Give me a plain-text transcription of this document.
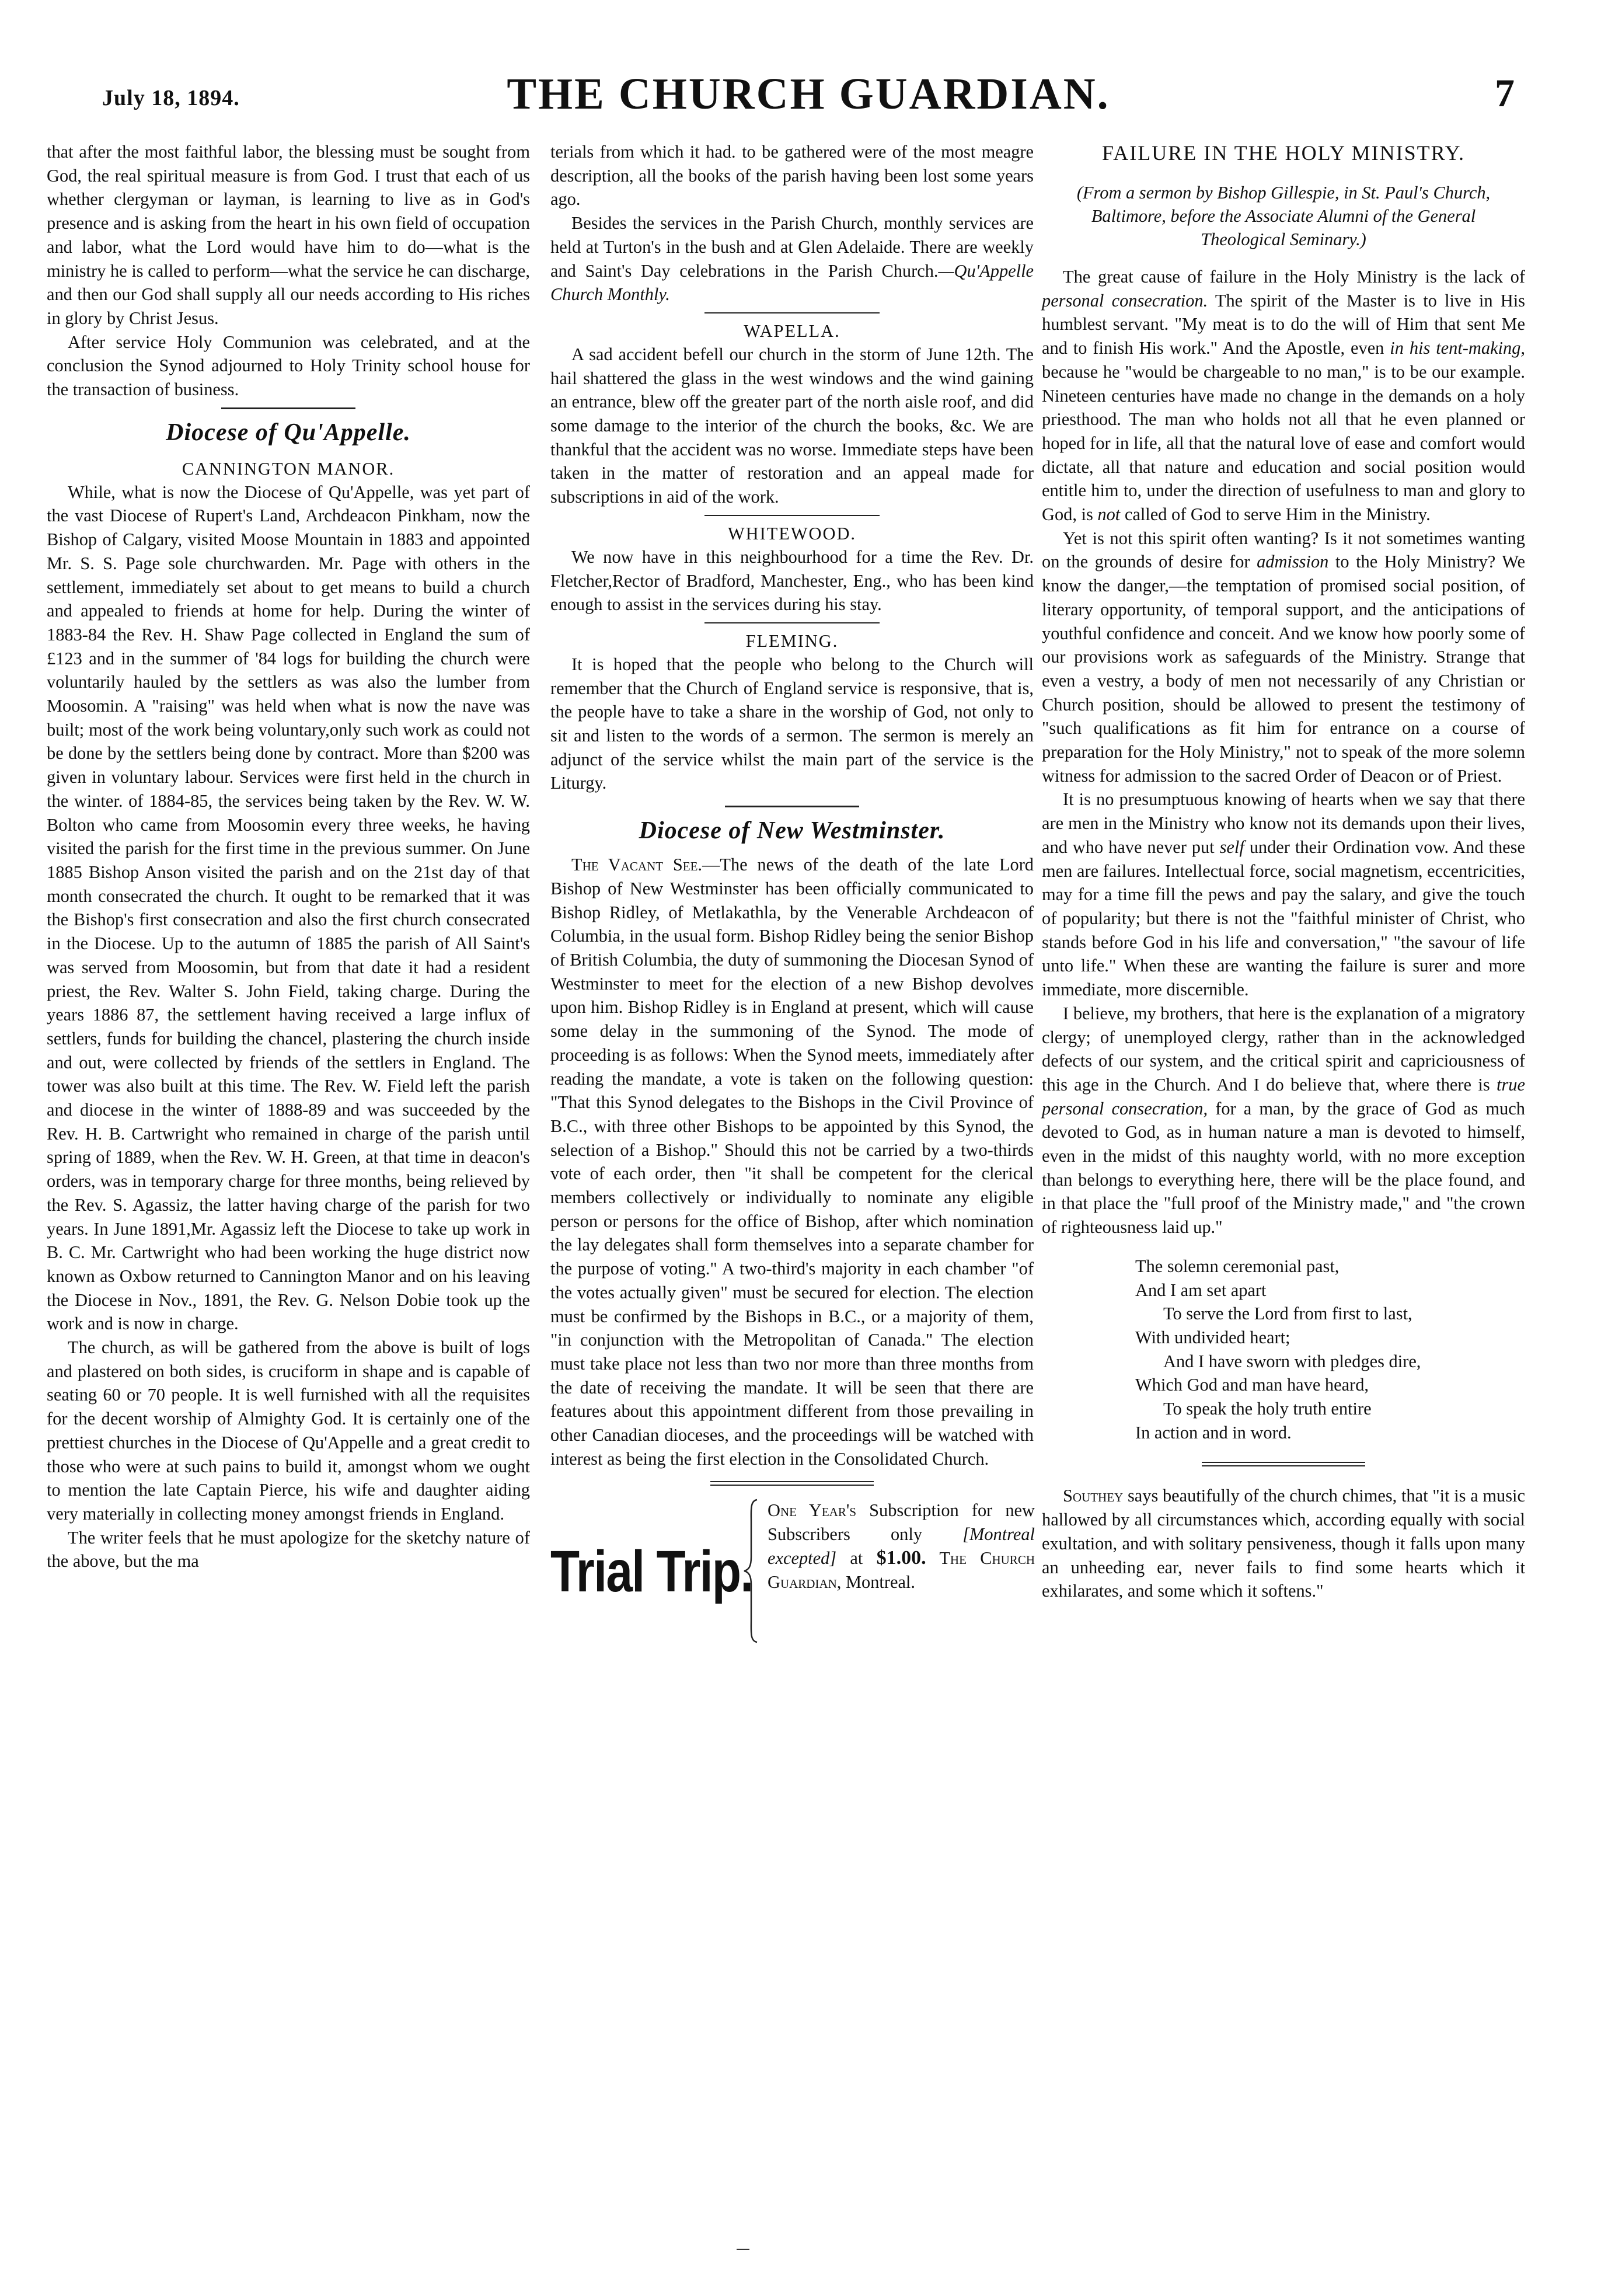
July 18, 1894.	THE CHURCH GUARDIAN.	7

that after the most faithful labor, the blessing must be sought from God, the real spiritual measure is from God. I trust that each of us whether clergyman or layman, is learning to live as in God's presence and is asking from the heart in his own field of occupation and labor, what the Lord would have him to do—what is the ministry he is called to perform—what the service he can discharge, and then our God shall supply all our needs according to His riches in glory by Christ Jesus.

After service Holy Communion was celebrated, and at the conclusion the Synod adjourned to Holy Trinity school house for the transaction of business.

Diocese of Qu'Appelle.
CANNINGTON MANOR.

While, what is now the Diocese of Qu'Appelle, was yet part of the vast Diocese of Rupert's Land, Archdeacon Pinkham, now the Bishop of Calgary, visited Moose Mountain in 1883 and appointed Mr. S. S. Page sole churchwarden. Mr. Page with others in the settlement, immediately set about to get means to build a church and appealed to friends at home for help. During the winter of 1883-84 the Rev. H. Shaw Page collected in England the sum of £123 and in the summer of '84 logs for building the church were voluntarily hauled by the settlers as was also the lumber from Moosomin. A "raising" was held when what is now the nave was built; most of the work being voluntary,only such work as could not be done by the settlers being done by contract. More than $200 was given in voluntary labour. Services were first held in the church in the winter. of 1884-85, the services being taken by the Rev. W. W. Bolton who came from Moosomin every three weeks, he having visited the parish for the first time in the previous summer. On June 1885 Bishop Anson visited the parish and on the 21st day of that month consecrated the church. It ought to be remarked that it was the Bishop's first consecration and also the first church consecrated in the Diocese. Up to the autumn of 1885 the parish of All Saint's was served from Moosomin, but from that date it had a resident priest, the Rev. Walter S. John Field, taking charge. During the years 1886 87, the settlement having received a large influx of settlers, funds for building the chancel, plastering the church inside and out, were collected by friends of the settlers in England. The tower was also built at this time. The Rev. W. Field left the parish and diocese in the winter of 1888-89 and was succeeded by the Rev. H. B. Cartwright who remained in charge of the parish until spring of 1889, when the Rev. W. H. Green, at that time in deacon's orders, was in temporary charge for three months, being relieved by the Rev. S. Agassiz, the latter having charge of the parish for two years. In June 1891,Mr. Agassiz left the Diocese to take up work in B. C. Mr. Cartwright who had been working the huge district now known as Oxbow returned to Cannington Manor and on his leaving the Diocese in Nov., 1891, the Rev. G. Nelson Dobie took up the work and is now in charge.

The church, as will be gathered from the above is built of logs and plastered on both sides, is cruciform in shape and is capable of seating 60 or 70 people. It is well furnished with all the requisites for the decent worship of Almighty God. It is certainly one of the prettiest churches in the Diocese of Qu'Appelle and a great credit to those who were at such pains to build it, amongst whom we ought to mention the late Captain Pierce, his wife and daughter aiding very materially in collecting money amongst friends in England.

The writer feels that he must apologize for the sketchy nature of the above, but the ma

terials from which it had. to be gathered were of the most meagre description, all the books of the parish having been lost some years ago.

Besides the services in the Parish Church, monthly services are held at Turton's in the bush and at Glen Adelaide. There are weekly and Saint's Day celebrations in the Parish Church.—Qu'Appelle Church Monthly.

WAPELLA.

A sad accident befell our church in the storm of June 12th. The hail shattered the glass in the west windows and the wind gaining an entrance, blew off the greater part of the north aisle roof, and did some damage to the interior of the church the books, &c. We are thankful that the accident was no worse. Immediate steps have been taken in the matter of restoration and an appeal made for subscriptions in aid of the work.

WHITEWOOD.

We now have in this neighbourhood for a time the Rev. Dr. Fletcher,Rector of Bradford, Manchester, Eng., who has been kind enough to assist in the services during his stay.

FLEMING.

It is hoped that the people who belong to the Church will remember that the Church of England service is responsive, that is, the people have to take a share in the worship of God, not only to sit and listen to the words of a sermon. The sermon is merely an adjunct of the service whilst the main part of the service is the Liturgy.

Diocese of New Westminster.

The Vacant See.—The news of the death of the late Lord Bishop of New Westminster has been officially communicated to Bishop Ridley, of Metlakathla, by the Venerable Archdeacon of Columbia, in the usual form. Bishop Ridley being the senior Bishop of British Columbia, the duty of summoning the Diocesan Synod of Westminster to meet for the election of a new Bishop devolves upon him. Bishop Ridley is in England at present, which will cause some delay in the summoning of the Synod. The mode of proceeding is as follows: When the Synod meets, immediately after reading the mandate, a vote is taken on the following question: "That this Synod delegates to the Bishops in the Civil Province of B.C., with three other Bishops to be appointed by this Synod, the selection of a Bishop." Should this not be carried by a two-thirds vote of each order, then "it shall be competent for the clerical members collectively or individually to nominate any eligible person or persons for the office of Bishop, after which nomination the lay delegates shall form themselves into a separate chamber for the purpose of voting." A two-third's majority in each chamber "of the votes actually given" must be secured for election. The election must be confirmed by the Bishops in B.C., or a majority of them, "in conjunction with the Metropolitan of Canada." The election must take place not less than two nor more than three months from the date of receiving the mandate. It will be seen that there are features about this appointment different from those prevailing in other Canadian dioceses, and the proceedings will be watched with interest as being the first election in the Consolidated Church.

Trial Trip.
One Year's Subscription for new Subscribers only [Montreal excepted] at $1.00. The Church Guardian, Montreal.
FAILURE IN THE HOLY MINISTRY.
(From a sermon by Bishop Gillespie, in St. Paul's Church, Baltimore, before the Associate Alumni of the General Theological Seminary.)

The great cause of failure in the Holy Ministry is the lack of personal consecration. The spirit of the Master is to live in His humblest servant. "My meat is to do the will of Him that sent Me and to finish His work." And the Apostle, even in his tent-making, because he "would be chargeable to no man," is to be our example. Nineteen centuries have made no change in the demands on a holy priesthood. The man who holds not all that he even planned or hoped for in life, all that the natural love of ease and comfort would dictate, all that nature and education and social position would entitle him to, under the direction of usefulness to man and glory to God, is not called of God to serve Him in the Ministry.

Yet is not this spirit often wanting? Is it not sometimes wanting on the grounds of desire for admission to the Holy Ministry? We know the danger,—the temptation of promised social position, of literary opportunity, of temporal support, and the anticipations of youthful confidence and conceit. And we know how poorly some of our provisions work as safeguards of the Ministry. Strange that even a vestry, a body of men not necessarily of any Christian or Church position, should be allowed to present the testimony of "such qualifications as fit him for entrance on a course of preparation for the Holy Ministry," not to speak of the more solemn witness for admission to the sacred Order of Deacon or of Priest.

It is no presumptuous knowing of hearts when we say that there are men in the Ministry who know not its demands upon their lives, and who have never put self under their Ordination vow. And these men are failures. Intellectual force, social magnetism, eccentricities, may for a time fill the pews and pay the salary, and give the touch of popularity; but there is not the "faithful minister of Christ, who stands before God in his life and conversation," "the savour of life unto life." When these are wanting the failure is surer and more immediate, more discernible.

I believe, my brothers, that here is the explanation of a migratory clergy; of unemployed clergy, rather than in the acknowledged defects of our system, and the critical spirit and capriciousness of this age in the Church. And I do believe that, where there is true personal consecration, for a man, by the grace of God as much devoted to God, as in human nature a man is devoted to himself, even in the midst of this naughty world, with no more exception than belongs to everything here, there will be the place found, and in that place the "full proof of the Ministry made," and "the crown of righteousness laid up."

The solemn ceremonial past,
And I am set apart
To serve the Lord from first to last,
With undivided heart;
And I have sworn with pledges dire,
Which God and man have heard,
To speak the holy truth entire
In action and in word.

Southey says beautifully of the church chimes, that "it is a music hallowed by all circumstances which, according equally with social exultation, and with solitary pensiveness, though it falls upon many an unheeding ear, never fails to find some hearts which it exhilarates, and some which it softens."
